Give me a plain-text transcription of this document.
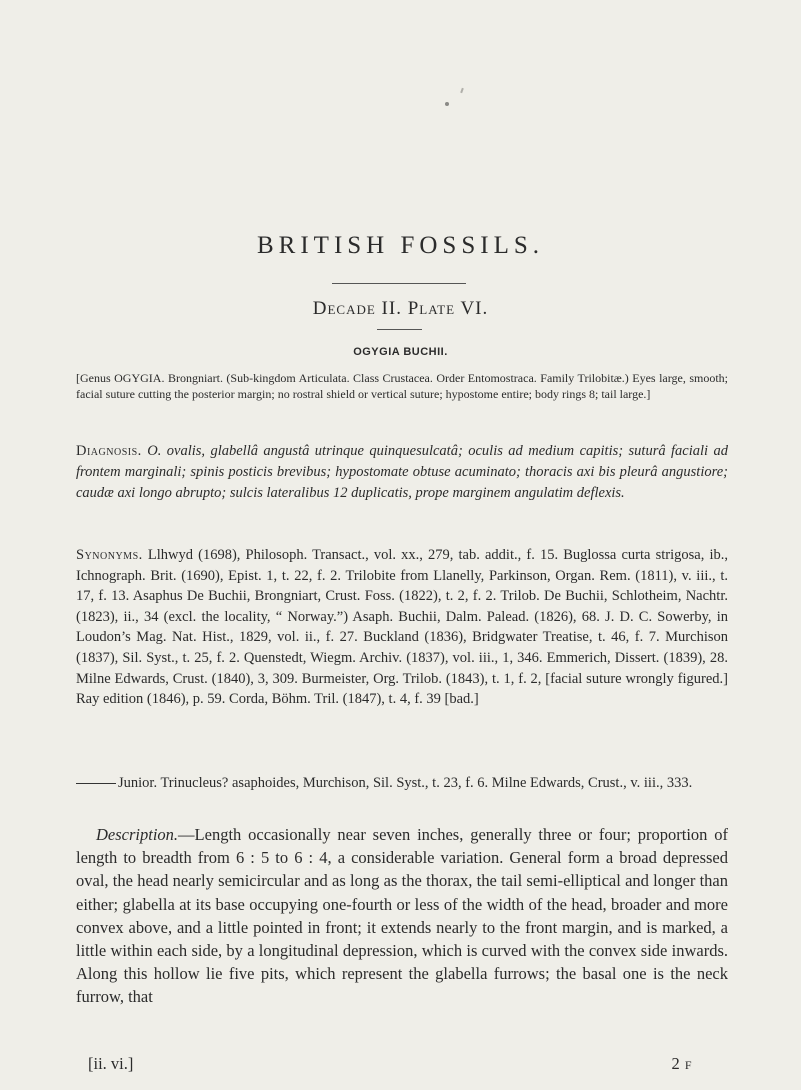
BRITISH FOSSILS.
Decade II. Plate VI.
OGYGIA BUCHII.
[Genus OGYGIA. Brongniart. (Sub-kingdom Articulata. Class Crustacea. Order Entomostraca. Family Trilobitæ.) Eyes large, smooth; facial suture cutting the posterior margin; no rostral shield or vertical suture; hypostome entire; body rings 8; tail large.]
Diagnosis. O. ovalis, glabellâ angustâ utrinque quinquesulcatâ; oculis ad medium capitis; suturâ faciali ad frontem marginali; spinis posticis brevibus; hypostomate obtuse acuminato; thoracis axi bis pleurâ angustiore; caudæ axi longo abrupto; sulcis lateralibus 12 duplicatis, prope marginem angulatim deflexis.
Synonyms. Llhwyd (1698), Philosoph. Transact., vol. xx., 279, tab. addit., f. 15. Buglossa curta strigosa, ib., Ichnograph. Brit. (1690), Epist. 1, t. 22, f. 2. Trilobite from Llanelly, Parkinson, Organ. Rem. (1811), v. iii., t. 17, f. 13. Asaphus De Buchii, Brongniart, Crust. Foss. (1822), t. 2, f. 2. Trilob. De Buchii, Schlotheim, Nachtr. (1823), ii., 34 (excl. the locality, “ Norway.”) Asaph. Buchii, Dalm. Palead. (1826), 68. J. D. C. Sowerby, in Loudon’s Mag. Nat. Hist., 1829, vol. ii., f. 27. Buckland (1836), Bridgwater Treatise, t. 46, f. 7. Murchison (1837), Sil. Syst., t. 25, f. 2. Quenstedt, Wiegm. Archiv. (1837), vol. iii., 1, 346. Emmerich, Dissert. (1839), 28. Milne Edwards, Crust. (1840), 3, 309. Burmeister, Org. Trilob. (1843), t. 1, f. 2, [facial suture wrongly figured.] Ray edition (1846), p. 59. Corda, Böhm. Tril. (1847), t. 4, f. 39 [bad.]
Junior. Trinucleus? asaphoides, Murchison, Sil. Syst., t. 23, f. 6. Milne Edwards, Crust., v. iii., 333.
Description.—Length occasionally near seven inches, generally three or four; proportion of length to breadth from 6 : 5 to 6 : 4, a considerable variation. General form a broad depressed oval, the head nearly semicircular and as long as the thorax, the tail semi-elliptical and longer than either; glabella at its base occupying one-fourth or less of the width of the head, broader and more convex above, and a little pointed in front; it extends nearly to the front margin, and is marked, a little within each side, by a longitudinal depression, which is curved with the convex side inwards. Along this hollow lie five pits, which represent the glabella furrows; the basal one is the neck furrow, that
[ii. vi.]	2 f
